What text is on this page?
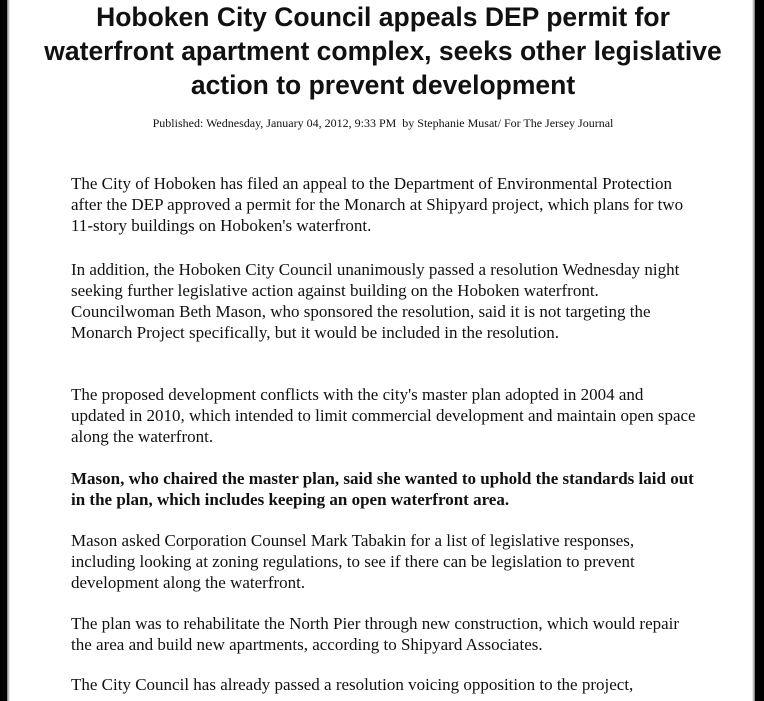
Hoboken City Council appeals DEP permit for waterfront apartment complex, seeks other legislative action to prevent development
Published: Wednesday, January 04, 2012, 9:33 PM by Stephanie Musat/ For The Jersey Journal

The City of Hoboken has filed an appeal to the Department of Environmental Protection after the DEP approved a permit for the Monarch at Shipyard project, which plans for two 11-story buildings on Hoboken's waterfront.

In addition, the Hoboken City Council unanimously passed a resolution Wednesday night seeking further legislative action against building on the Hoboken waterfront. Councilwoman Beth Mason, who sponsored the resolution, said it is not targeting the Monarch Project specifically, but it would be included in the resolution.

The proposed development conflicts with the city's master plan adopted in 2004 and updated in 2010, which intended to limit commercial development and maintain open space along the waterfront.

Mason, who chaired the master plan, said she wanted to uphold the standards laid out in the plan, which includes keeping an open waterfront area.

Mason asked Corporation Counsel Mark Tabakin for a list of legislative responses, including looking at zoning regulations, to see if there can be legislation to prevent development along the waterfront.

The plan was to rehabilitate the North Pier through new construction, which would repair the area and build new apartments, according to Shipyard Associates.

The City Council has already passed a resolution voicing opposition to the project,
